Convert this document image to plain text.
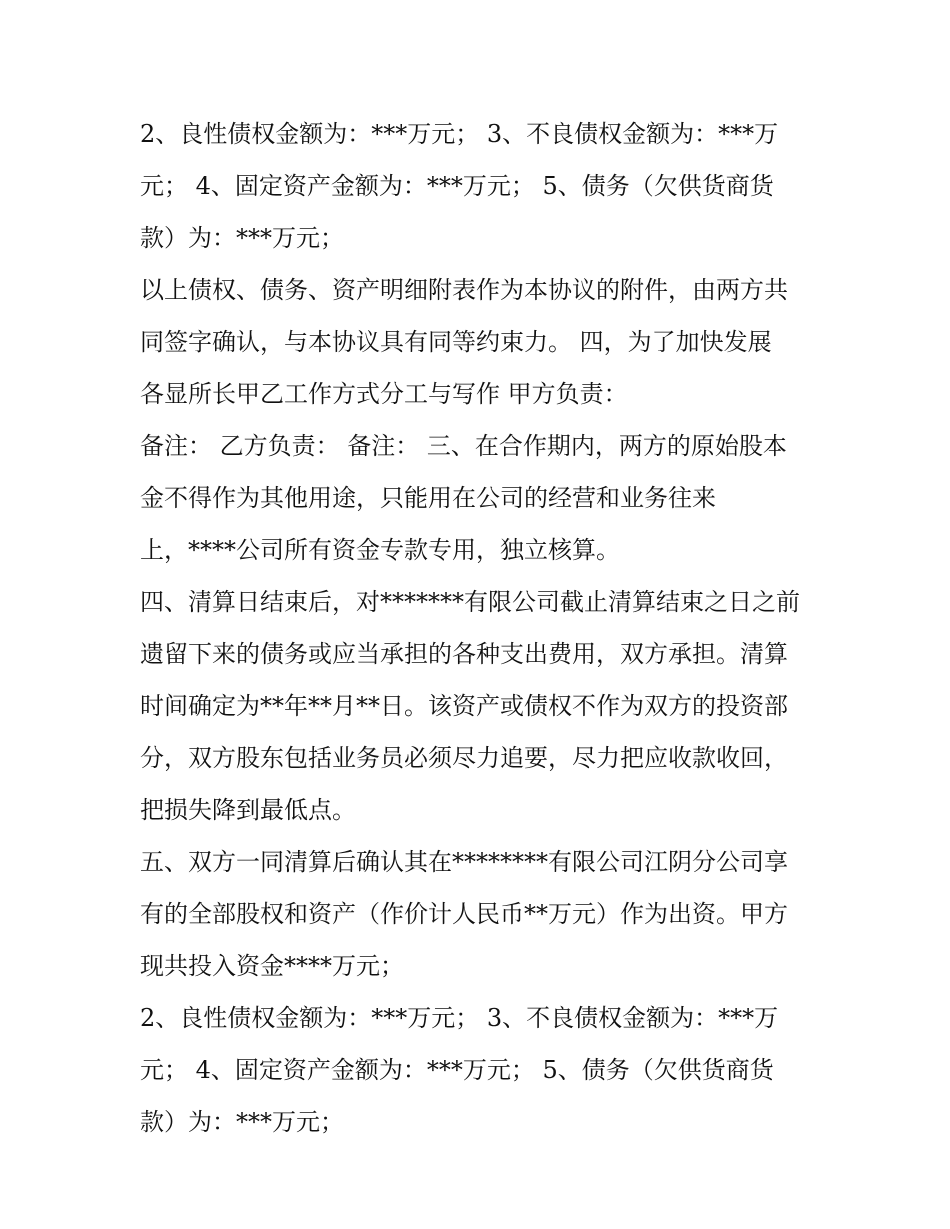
2、良性债权金额为：***万元； 3、不良债权金额为：***万
元； 4、固定资产金额为：***万元； 5、债务（欠供货商货
款）为：***万元；
以上债权、债务、资产明细附表作为本协议的附件，由两方共
同签字确认，与本协议具有同等约束力。 四，为了加快发展
各显所长甲乙工作方式分工与写作 甲方负责：
备注： 乙方负责： 备注： 三、在合作期内，两方的原始股本
金不得作为其他用途，只能用在公司的经营和业务往来
上，****公司所有资金专款专用，独立核算。
四、清算日结束后，对*******有限公司截止清算结束之日之前
遗留下来的债务或应当承担的各种支出费用，双方承担。清算
时间确定为**年**月**日。该资产或债权不作为双方的投资部
分，双方股东包括业务员必须尽力追要，尽力把应收款收回，
把损失降到最低点。
五、双方一同清算后确认其在********有限公司江阴分公司享
有的全部股权和资产（作价计人民币**万元）作为出资。甲方
现共投入资金****万元；
2、良性债权金额为：***万元； 3、不良债权金额为：***万
元； 4、固定资产金额为：***万元； 5、债务（欠供货商货
款）为：***万元；
